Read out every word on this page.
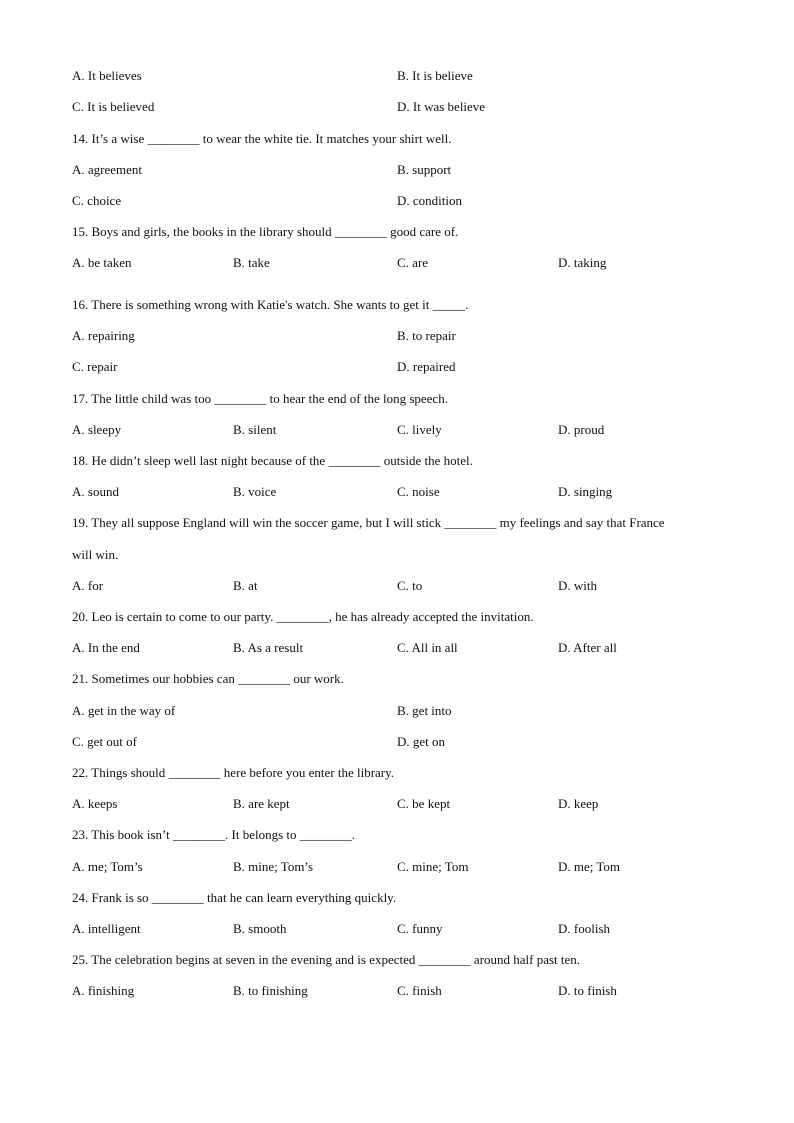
A. It believes	B. It is believe
C. It is believed	D. It was believe
14. It’s a wise ________ to wear the white tie. It matches your shirt well.
A. agreement	B. support
C. choice	D. condition
15. Boys and girls, the books in the library should ________ good care of.
A. be taken	B. take	C. are	D. taking
16. There is something wrong with Katie's watch. She wants to get it _____.
A. repairing	B. to repair
C. repair	D. repaired
17. The little child was too ________ to hear the end of the long speech.
A. sleepy	B. silent	C. lively	D. proud
18. He didn’t sleep well last night because of the ________ outside the hotel.
A. sound	B. voice	C. noise	D. singing
19. They all suppose England will win the soccer game, but I will stick ________ my feelings and say that France
will win.
A. for	B. at	C. to	D. with
20. Leo is certain to come to our party. ________, he has already accepted the invitation.
A. In the end	B. As a result	C. All in all	D. After all
21. Sometimes our hobbies can ________ our work.
A. get in the way of	B. get into
C. get out of	D. get on
22. Things should ________ here before you enter the library.
A. keeps	B. are kept	C. be kept	D. keep
23. This book isn’t ________. It belongs to ________.
A. me; Tom’s	B. mine; Tom’s	C. mine; Tom	D. me; Tom
24. Frank is so ________ that he can learn everything quickly.
A. intelligent	B. smooth	C. funny	D. foolish
25. The celebration begins at seven in the evening and is expected ________ around half past ten.
A. finishing	B. to finishing	C. finish	D. to finish
